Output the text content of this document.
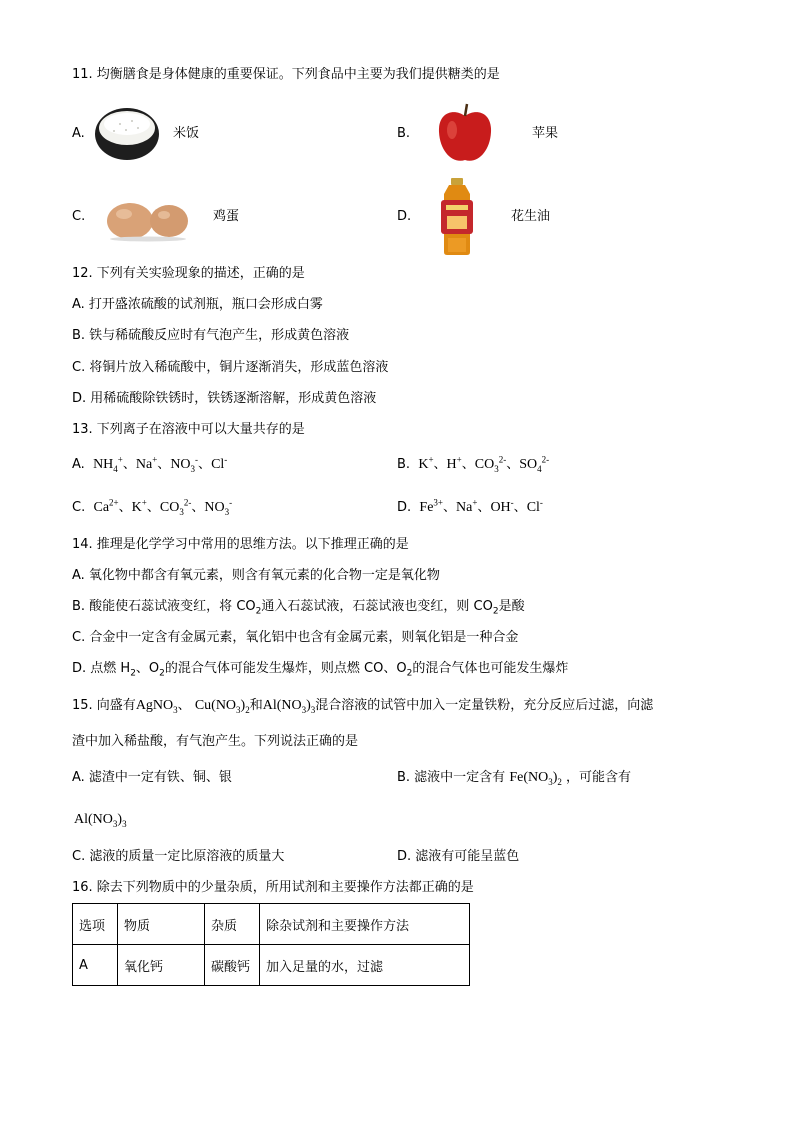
11. 均衡膳食是身体健康的重要保证。下列食品中主要为我们提供糖类的是
A.	米饭	B.	苹果
C.	鸡蛋	D.	花生油
12. 下列有关实验现象的描述，正确的是
A. 打开盛浓硫酸的试剂瓶，瓶口会形成白雾
B. 铁与稀硫酸反应时有气泡产生，形成黄色溶液
C. 将铜片放入稀硫酸中，铜片逐渐消失，形成蓝色溶液
D. 用稀硫酸除铁锈时，铁锈逐渐溶解，形成黄色溶液
13. 下列离子在溶液中可以大量共存的是
A. $NH_4^+$、Na+、$NO_3^-$、Cl-	B. K+、H+、$CO_3^{2-}$、$SO_4^{2-}$
C. $Ca^{2+}$、K+、$CO_3^{2-}$、$NO_3^-$	D. $Fe^{3+}$、Na+、OH-、Cl-
14. 推理是化学学习中常用的思维方法。以下推理正确的是
A. 氧化物中都含有氧元素，则含有氧元素的化合物一定是氧化物
B. 酸能使石蕊试液变红，将 $CO_2$通入石蕊试液，石蕊试液也变红，则 $CO_2$是酸
C. 合金中一定含有金属元素，氧化铝中也含有金属元素，则氧化铝是一种合金
D. 点燃 $H_2$、$O_2$的混合气体可能发生爆炸，则点燃 CO、$O_2$的混合气体也可能发生爆炸
15. 向盛有AgNO$_3$、 $Cu(NO_3)_2$和$Al(NO_3)_3$混合溶液的试管中加入一定量铁粉，充分反应后过滤，向滤
渣中加入稀盐酸，有气泡产生。下列说法正确的是
A. 滤渣中一定有铁、铜、银	B. 滤液中一定含有 $Fe(NO_3)_2$ ，可能含有
$Al(NO_3)_3$
C. 滤液的质量一定比原溶液的质量大	D. 滤液有可能呈蓝色
16. 除去下列物质中的少量杂质，所用试剂和主要操作方法都正确的是
选项	物质	杂质	除杂试剂和主要操作方法
A	氧化钙	碳酸钙	加入足量的水，过滤
